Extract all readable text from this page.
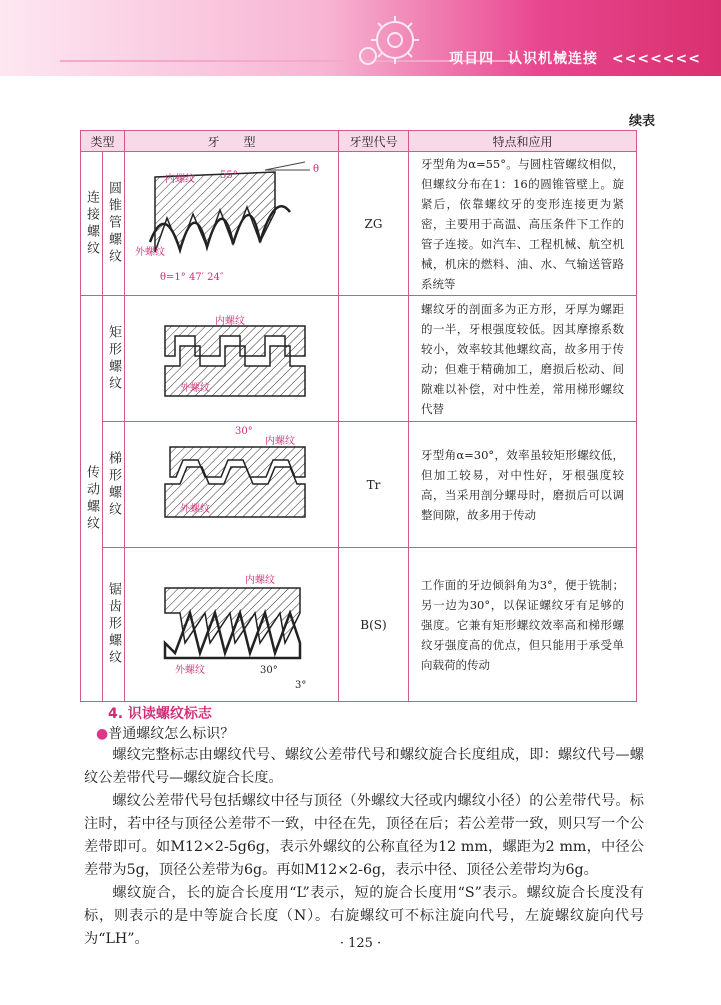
项目四 认识机械连接 <<<<<<<
续表
类型		牙　　型	牙型代号	特点和应用

连接螺纹	圆锥管螺纹	内螺纹 55°
θ
外螺纹
θ=1° 47′ 24″	ZG	牙型角为α=55°。与圆柱管螺纹相似，但螺纹分布在1：16的圆锥管壁上。旋紧后，依靠螺纹牙的变形连接更为紧密，主要用于高温、高压条件下工作的管子连接。如汽车、工程机械、航空机械，机床的燃料、油、水、气输送管路系统等

传动螺纹	矩形螺纹	内螺纹
外螺纹		螺纹牙的剖面多为正方形，牙厚为螺距的一半，牙根强度较低。因其摩擦系数较小，效率较其他螺纹高，故多用于传动；但难于精确加工，磨损后松动、间隙难以补偿，对中性差，常用梯形螺纹代替

	梯形螺纹	30°
内螺纹
外螺纹	Tr	牙型角α=30°，效率虽较矩形螺纹低，但加工较易，对中性好，牙根强度较高，当采用剖分螺母时，磨损后可以调整间隙，故多用于传动

	锯齿形螺纹	内螺纹
外螺纹 30°
3°	B(S)	工作面的牙边倾斜角为3°，便于铣制；另一边为30°，以保证螺纹牙有足够的强度。它兼有矩形螺纹效率高和梯形螺纹牙强度高的优点，但只能用于承受单向载荷的传动
4. 识读螺纹标志
●普通螺纹怎么标识？

螺纹完整标志由螺纹代号、螺纹公差带代号和螺纹旋合长度组成，即：螺纹代号—螺纹公差带代号—螺纹旋合长度。

螺纹公差带代号包括螺纹中径与顶径（外螺纹大径或内螺纹小径）的公差带代号。标注时，若中径与顶径公差带不一致，中径在先，顶径在后；若公差带一致，则只写一个公差带即可。如M12×2-5g6g，表示外螺纹的公称直径为12 mm，螺距为2 mm，中径公差带为5g，顶径公差带为6g。再如M12×2-6g，表示中径、顶径公差带均为6g。

螺纹旋合，长的旋合长度用“L”表示，短的旋合长度用“S”表示。螺纹旋合长度没有标，则表示的是中等旋合长度（N）。右旋螺纹可不标注旋向代号，左旋螺纹旋向代号为“LH”。	· 125 ·
